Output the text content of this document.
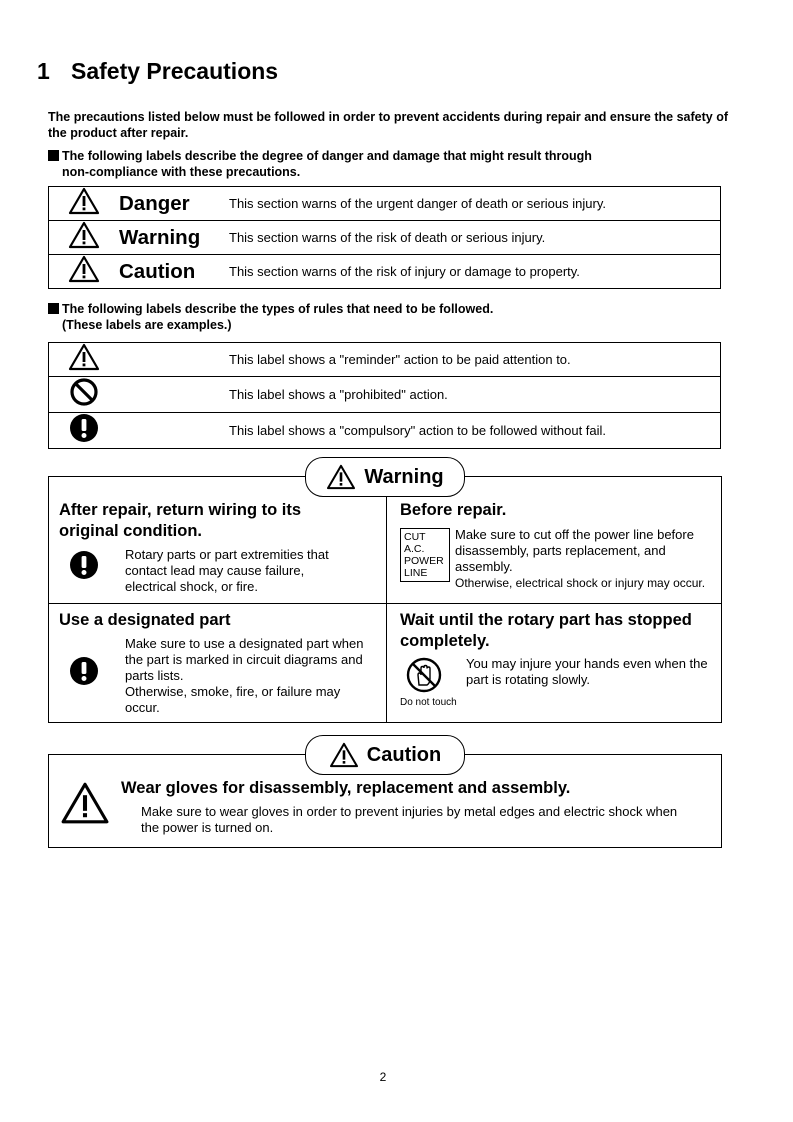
1 Safety Precautions
The precautions listed below must be followed in order to prevent accidents during repair and ensure the safety of the product after repair.
The following labels describe the degree of danger and damage that might result through
non-compliance with these precautions.
	Danger	This section warns of the urgent danger of death or serious injury.
	Warning	This section warns of the risk of death or serious injury.
	Caution	This section warns of the risk of injury or damage to property.
The following labels describe the types of rules that need to be followed.
(These labels are examples.)
		This label shows a "reminder" action to be paid attention to.
		This label shows a "prohibited" action.
		This label shows a "compulsory" action to be followed without fail.
After repair, return wiring to its
original condition.
Rotary parts or part extremities that
contact lead may cause failure,
electrical shock, or fire.
Before repair.
CUT
A.C.
POWER
LINE
Make sure to cut off the power line before
disassembly, parts replacement, and
assembly.
Otherwise, electrical shock or injury may occur.
Use a designated part
Make sure to use a designated part when
the part is marked in circuit diagrams and
parts lists.
Otherwise, smoke, fire, or failure may
occur.
Wait until the rotary part has stopped
completely.
Do not touch
You may injure your hands even when the
part is rotating slowly.
Warning
Wear gloves for disassembly, replacement and assembly.
Make sure to wear gloves in order to prevent injuries by metal edges and electric shock when
the power is turned on.
Caution
2
